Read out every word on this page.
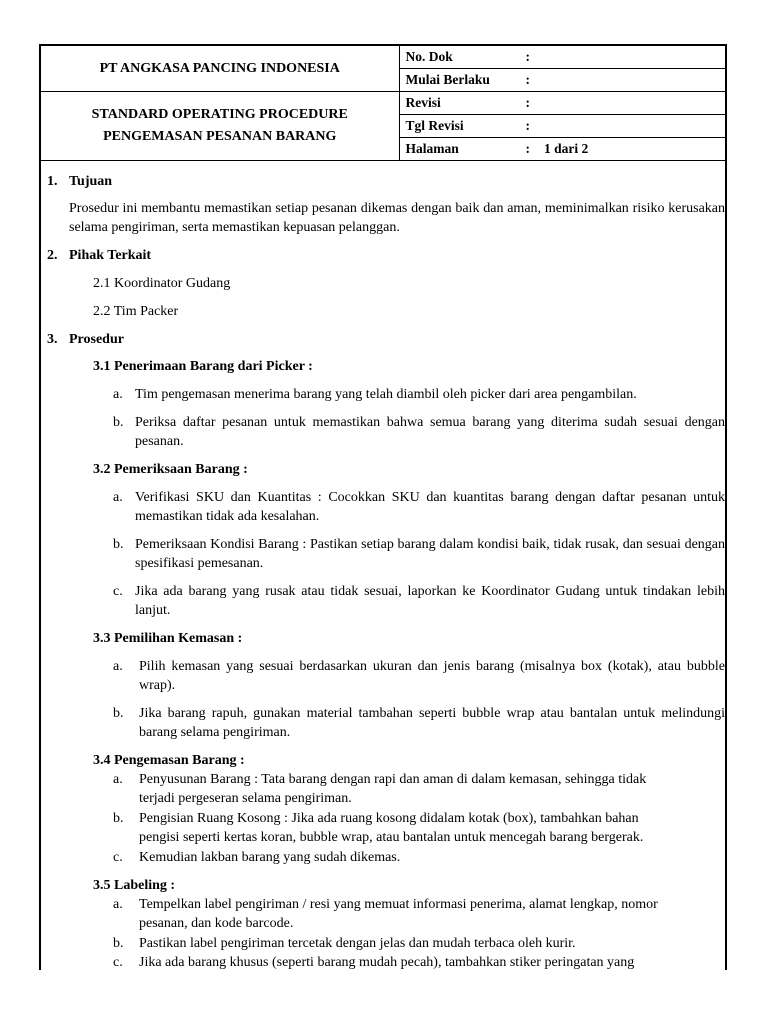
PT ANGKASA PANCING INDONESIA	No. Dok :
	Mulai Berlaku :

STANDARD OPERATING PROCEDURE
PENGEMASAN PESANAN BARANG	Revisi :
	Tgl Revisi :
	Halaman : 1 dari 2
1. Tujuan
Prosedur ini membantu memastikan setiap pesanan dikemas dengan baik dan aman, meminimalkan risiko kerusakan selama pengiriman, serta memastikan kepuasan pelanggan.
2. Pihak Terkait
2.1 Koordinator Gudang
2.2 Tim Packer
3. Prosedur
3.1 Penerimaan Barang dari Picker :
a. Tim pengemasan menerima barang yang telah diambil oleh picker dari area pengambilan.
b. Periksa daftar pesanan untuk memastikan bahwa semua barang yang diterima sudah sesuai dengan pesanan.
3.2 Pemeriksaan Barang :
a. Verifikasi SKU dan Kuantitas : Cocokkan SKU dan kuantitas barang dengan daftar pesanan untuk memastikan tidak ada kesalahan.
b. Pemeriksaan Kondisi Barang : Pastikan setiap barang dalam kondisi baik, tidak rusak, dan sesuai dengan spesifikasi pemesanan.
c. Jika ada barang yang rusak atau tidak sesuai, laporkan ke Koordinator Gudang untuk tindakan lebih lanjut.
3.3 Pemilihan Kemasan :
a.	Pilih kemasan yang sesuai berdasarkan ukuran dan jenis barang (misalnya box (kotak), atau bubble wrap).
b.	Jika barang rapuh, gunakan material tambahan seperti bubble wrap atau bantalan untuk melindungi barang selama pengiriman.
3.4 Pengemasan Barang :
a.	Penyusunan Barang : Tata barang dengan rapi dan aman di dalam kemasan, sehingga tidak
terjadi pergeseran selama pengiriman.
b.	Pengisian Ruang Kosong : Jika ada ruang kosong didalam kotak (box), tambahkan bahan
pengisi seperti kertas koran, bubble wrap, atau bantalan untuk mencegah barang bergerak.
c.	Kemudian lakban barang yang sudah dikemas.
3.5 Labeling :
a.	Tempelkan label pengiriman / resi yang memuat informasi penerima, alamat lengkap, nomor
pesanan, dan kode barcode.
b.	Pastikan label pengiriman tercetak dengan jelas dan mudah terbaca oleh kurir.
c.	Jika ada barang khusus (seperti barang mudah pecah), tambahkan stiker peringatan yang
